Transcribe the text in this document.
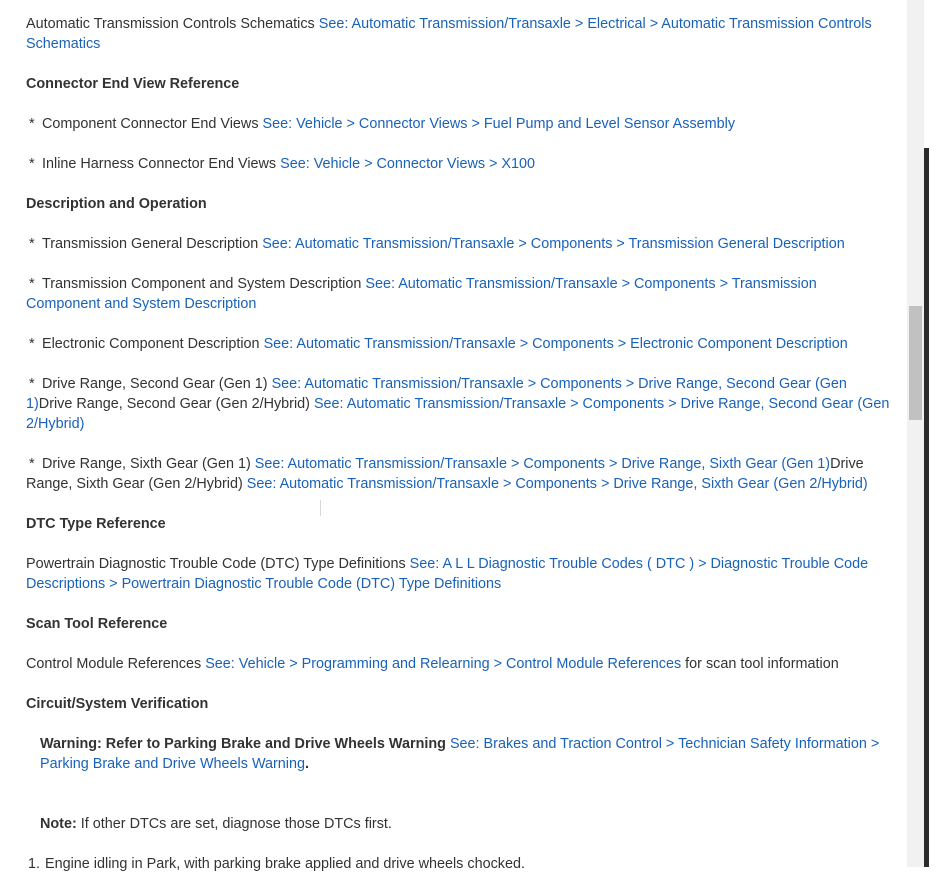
Automatic Transmission Controls Schematics See: Automatic Transmission/Transaxle > Electrical > Automatic Transmission Controls Schematics

Connector End View Reference

* Component Connector End Views See: Vehicle > Connector Views > Fuel Pump and Level Sensor Assembly

* Inline Harness Connector End Views See: Vehicle > Connector Views > X100

Description and Operation

* Transmission General Description See: Automatic Transmission/Transaxle > Components > Transmission General Description

* Transmission Component and System Description See: Automatic Transmission/Transaxle > Components > Transmission Component and System Description

* Electronic Component Description See: Automatic Transmission/Transaxle > Components > Electronic Component Description

* Drive Range, Second Gear (Gen 1) See: Automatic Transmission/Transaxle > Components > Drive Range, Second Gear (Gen 1)Drive Range, Second Gear (Gen 2/Hybrid) See: Automatic Transmission/Transaxle > Components > Drive Range, Second Gear (Gen 2/Hybrid)

* Drive Range, Sixth Gear (Gen 1) See: Automatic Transmission/Transaxle > Components > Drive Range, Sixth Gear (Gen 1)Drive Range, Sixth Gear (Gen 2/Hybrid) See: Automatic Transmission/Transaxle > Components > Drive Range, Sixth Gear (Gen 2/Hybrid)

DTC Type Reference

Powertrain Diagnostic Trouble Code (DTC) Type Definitions See: A L L Diagnostic Trouble Codes ( DTC ) > Diagnostic Trouble Code Descriptions > Powertrain Diagnostic Trouble Code (DTC) Type Definitions

Scan Tool Reference

Control Module References See: Vehicle > Programming and Relearning > Control Module References for scan tool information

Circuit/System Verification

Warning: Refer to Parking Brake and Drive Wheels Warning See: Brakes and Traction Control > Technician Safety Information > Parking Brake and Drive Wheels Warning.

Note: If other DTCs are set, diagnose those DTCs first.

1. Engine idling in Park, with parking brake applied and drive wheels chocked.
